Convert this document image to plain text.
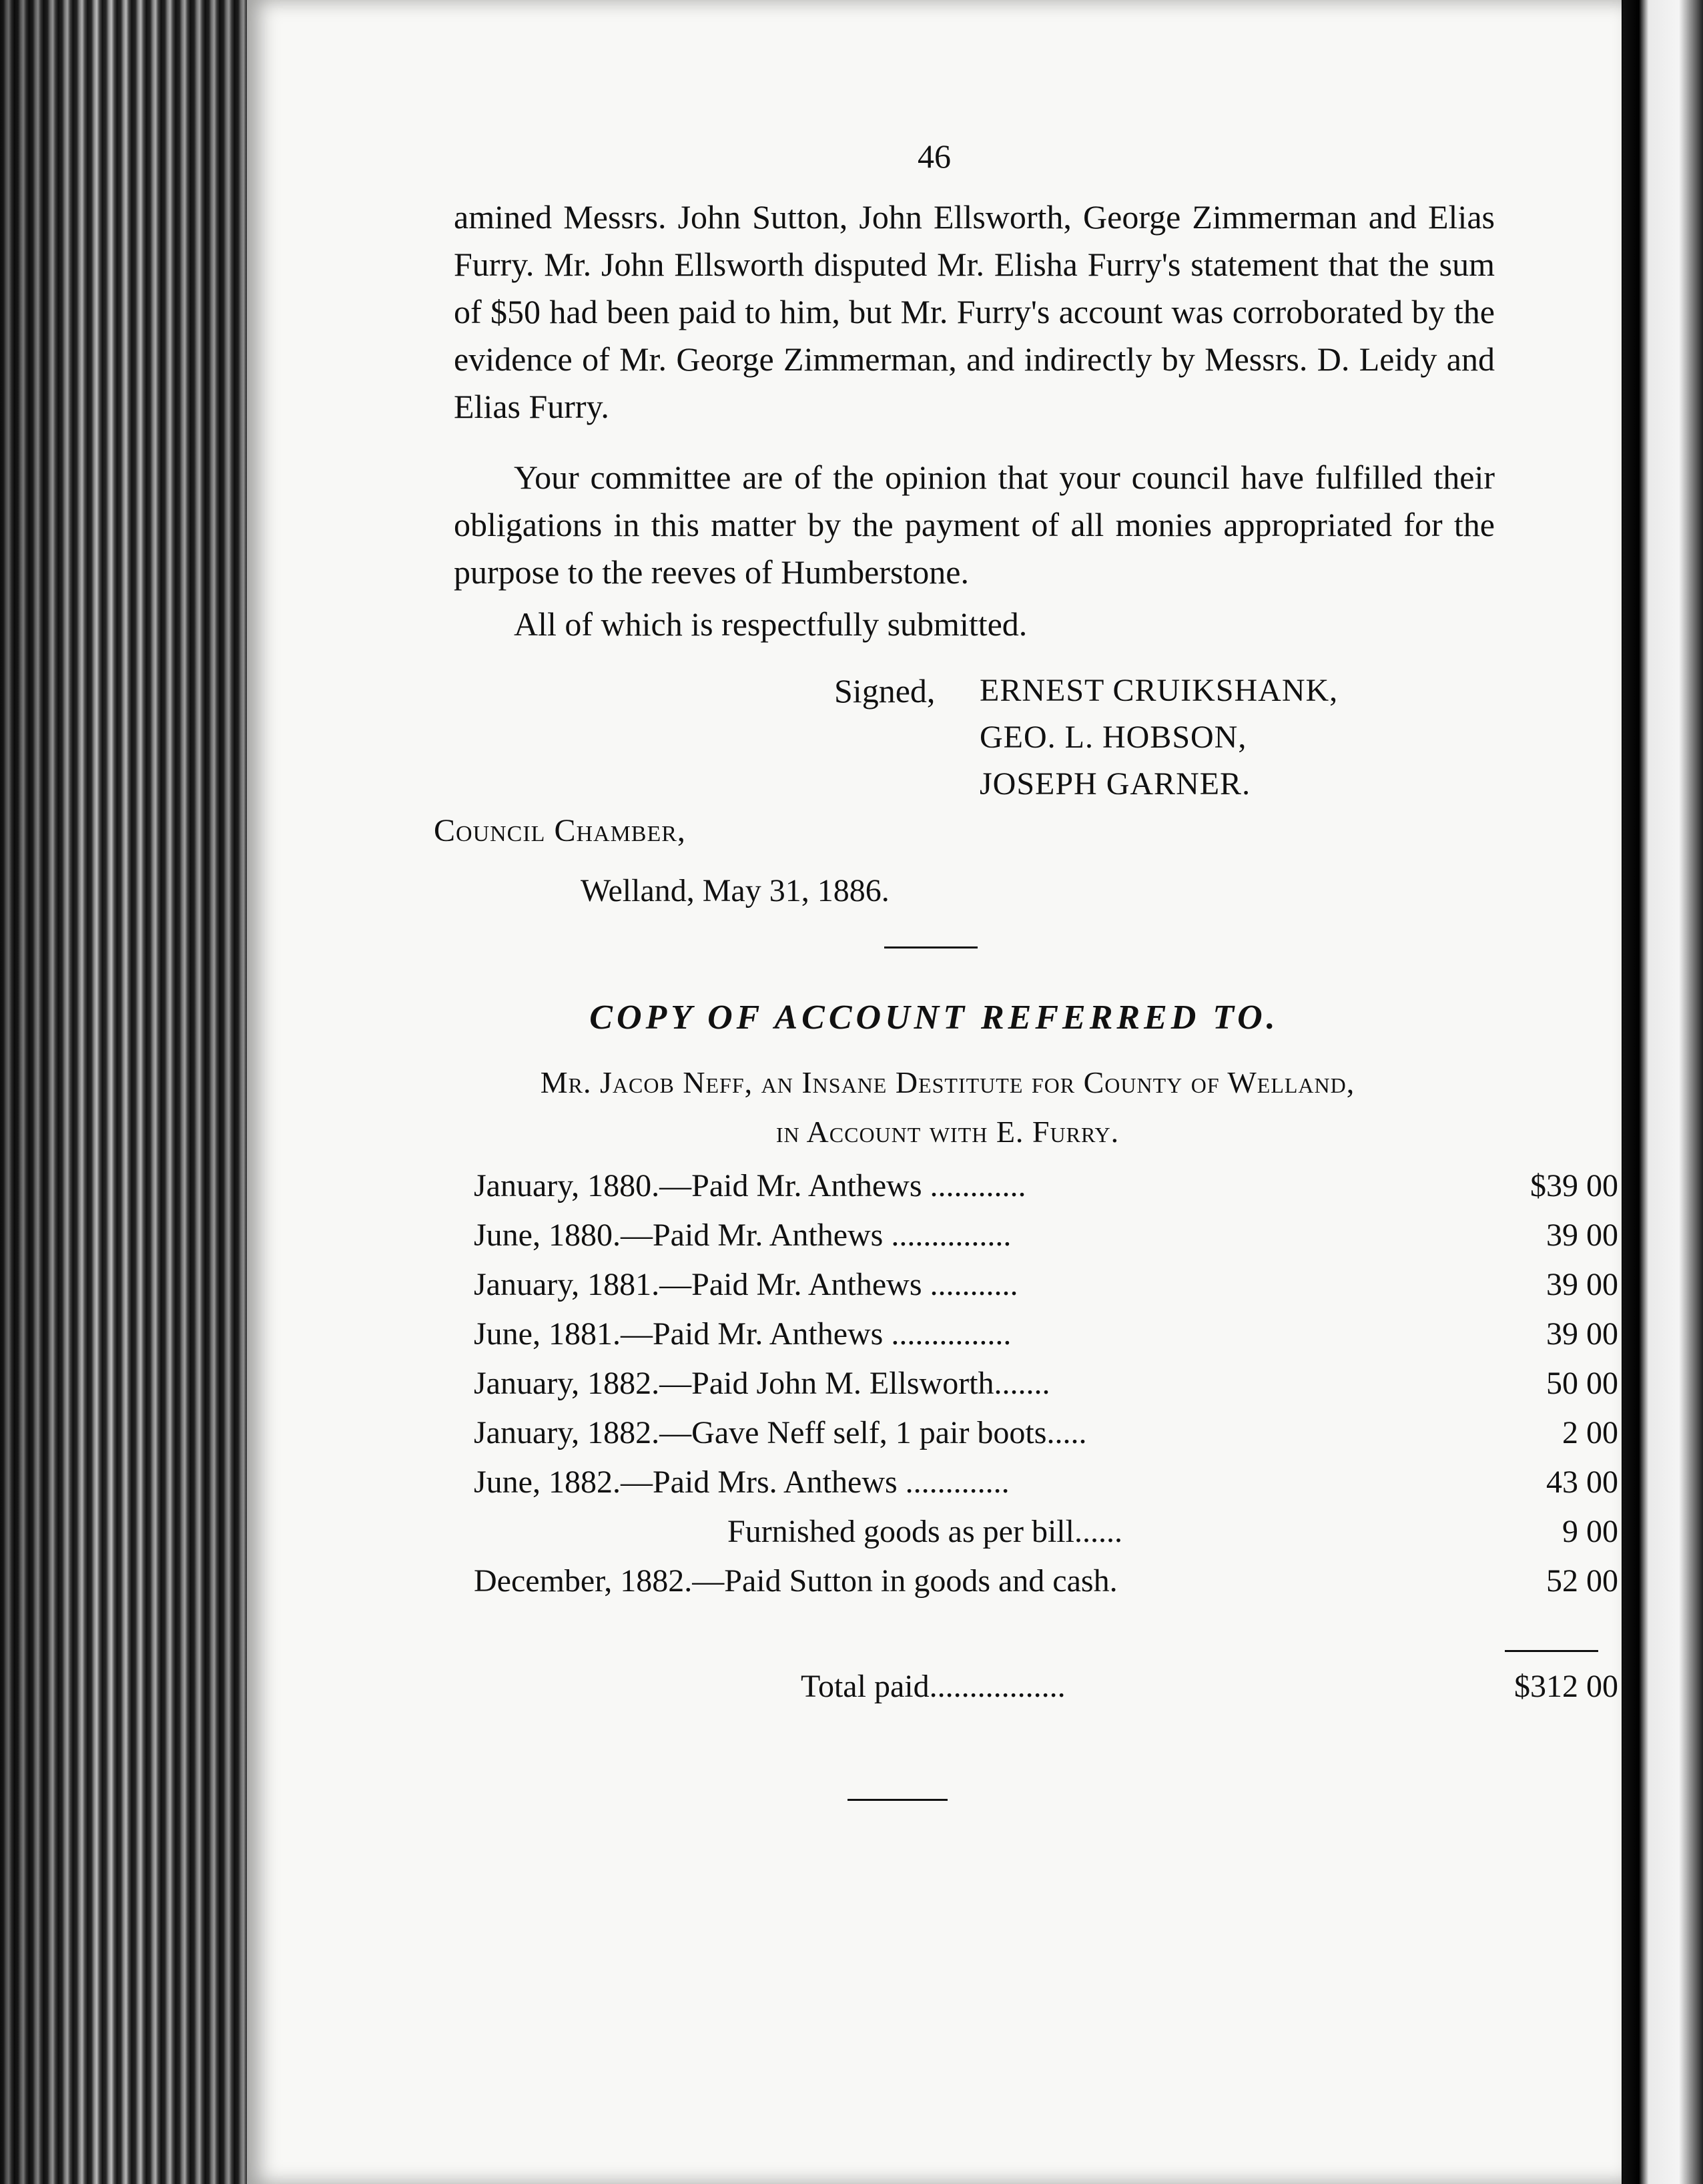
46

amined Messrs. John Sutton, John Ellsworth, George Zimmerman and Elias Furry. Mr. John Ellsworth disputed Mr. Elisha Furry's statement that the sum of $50 had been paid to him, but Mr. Furry's account was corroborated by the evidence of Mr. George Zimmerman, and indirectly by Messrs. D. Leidy and Elias Furry.

Your committee are of the opinion that your council have fulfilled their obligations in this matter by the payment of all monies appropriated for the purpose to the reeves of Humberstone.

All of which is respectfully submitted.

Signed, ERNEST CRUIKSHANK,
GEO. L. HOBSON,
JOSEPH GARNER.
Council Chamber,
Welland, May 31, 1886.
COPY OF ACCOUNT REFERRED TO.
Mr. Jacob Neff, an Insane Destitute for County of Welland,
in Account with E. Furry.
January, 1880.—Paid Mr. Anthews ............	$39 00
June, 1880.—Paid Mr. Anthews ...............	39 00
January, 1881.—Paid Mr. Anthews ...........	39 00
June, 1881.—Paid Mr. Anthews ...............	39 00
January, 1882.—Paid John M. Ellsworth.......	50 00
January, 1882.—Gave Neff self, 1 pair boots.....	2 00
June, 1882.—Paid Mrs. Anthews .............	43 00
Furnished goods as per bill......	9 00
December, 1882.—Paid Sutton in goods and cash.	52 00
Total paid.................	$312 00
